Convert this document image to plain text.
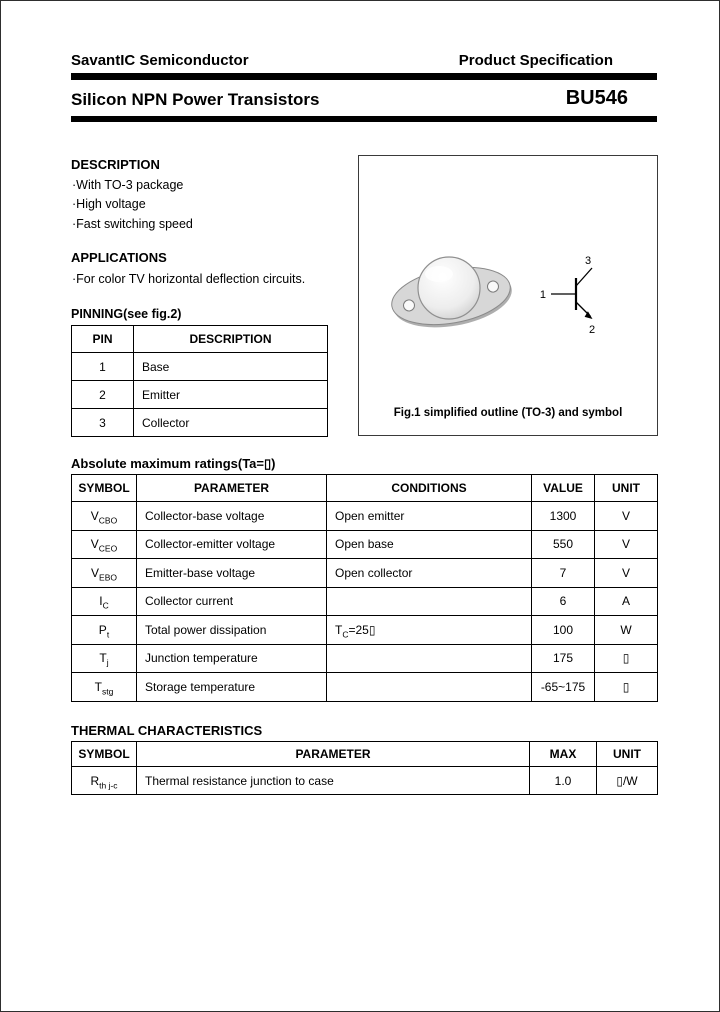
SavantIC Semiconductor	Product Specification
Silicon NPN Power Transistors	BU546
DESCRIPTION
·With TO-3 package
·High voltage
·Fast switching speed
APPLICATIONS
·For color TV horizontal deflection circuits.
PINNING(see fig.2)
PIN	DESCRIPTION
1	Base
2	Emitter
3	Collector
1
3
2
Fig.1 simplified outline (TO-3) and symbol
Absolute maximum ratings(Ta=▯)
SYMBOL	PARAMETER	CONDITIONS	VALUE	UNIT
$V_{CBO}$	Collector-base voltage	Open emitter	1300	V
$V_{CEO}$	Collector-emitter voltage	Open base	550	V
$V_{EBO}$	Emitter-base voltage	Open collector	7	V
$I_C$	Collector current		6	A
$P_t$	Total power dissipation	$T_C=25▯$	100	W
$T_j$	Junction temperature		175	▯
$T_{stg}$	Storage temperature		-65~175	▯
THERMAL CHARACTERISTICS
SYMBOL	PARAMETER	MAX	UNIT
$R_{th j-c}$	Thermal resistance junction to case	1.0	▯/W
